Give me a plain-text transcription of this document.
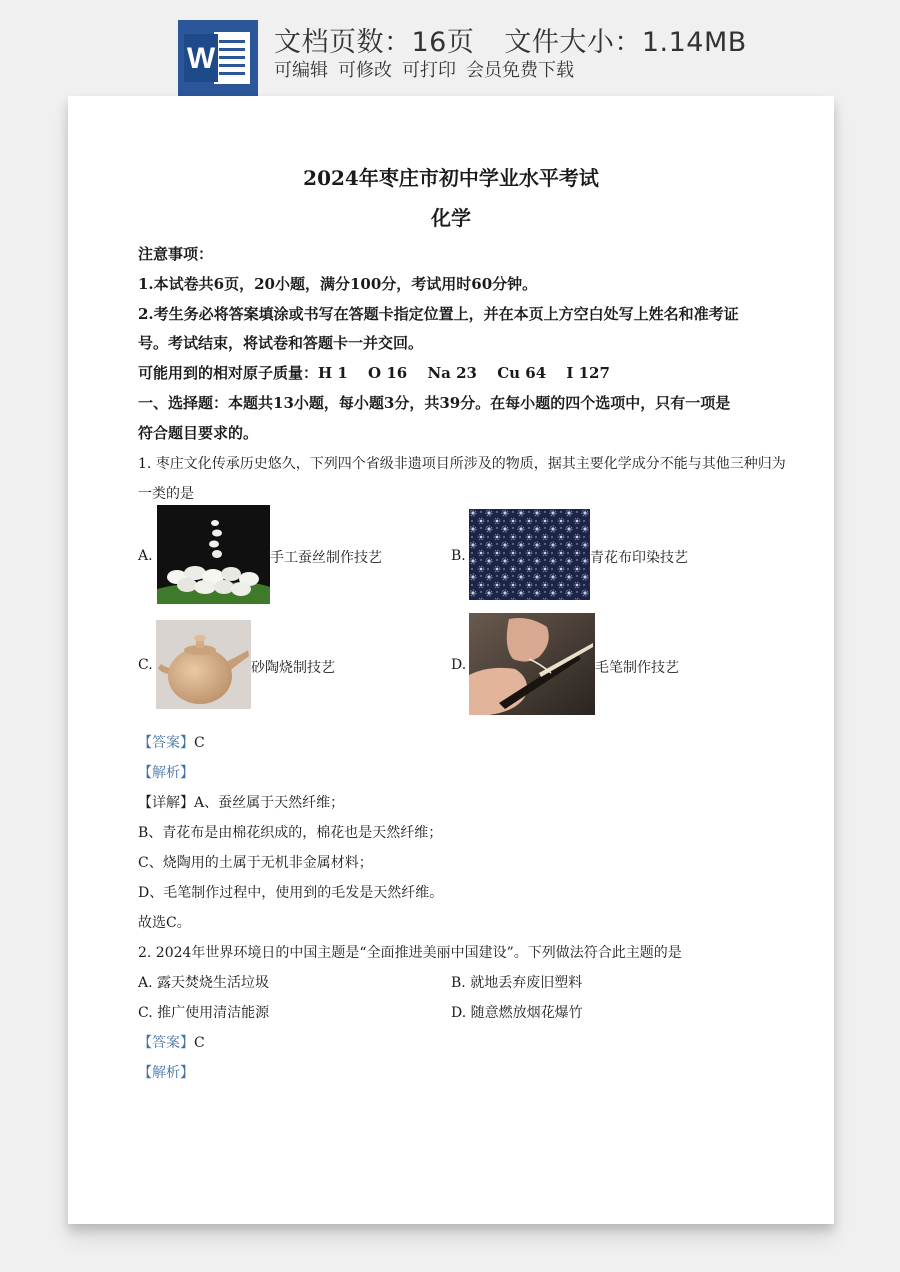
W 文档页数：16页 文件大小：1.14MB
可编辑 可修改 可打印 会员免费下载
2024年枣庄市初中学业水平考试
化学
注意事项：
1.本试卷共6页，20小题，满分100分，考试用时60分钟。
2.考生务必将答案填涂或书写在答题卡指定位置上，并在本页上方空白处写上姓名和准考证
号。考试结束，将试卷和答题卡一并交回。
可能用到的相对原子质量：H 1　 O 16　 Na 23　 Cu 64　 I 127
一、选择题：本题共13小题，每小题3分，共39分。在每小题的四个选项中，只有一项是
符合题目要求的。
1. 枣庄文化传承历史悠久，下列四个省级非遗项目所涉及的物质，据其主要化学成分不能与其他三种归为
一类的是
A.	手工蚕丝制作技艺	B.	青花布印染技艺
C.	砂陶烧制技艺	D.	毛笔制作技艺
【答案】C
【解析】
【详解】A、蚕丝属于天然纤维；
B、青花布是由棉花织成的，棉花也是天然纤维；
C、烧陶用的土属于无机非金属材料；
D、毛笔制作过程中，使用到的毛发是天然纤维。
故选C。
2. 2024年世界环境日的中国主题是“全面推进美丽中国建设”。下列做法符合此主题的是
A. 露天焚烧生活垃圾	B. 就地丢弃废旧塑料
C. 推广使用清洁能源	D. 随意燃放烟花爆竹
【答案】C
【解析】
